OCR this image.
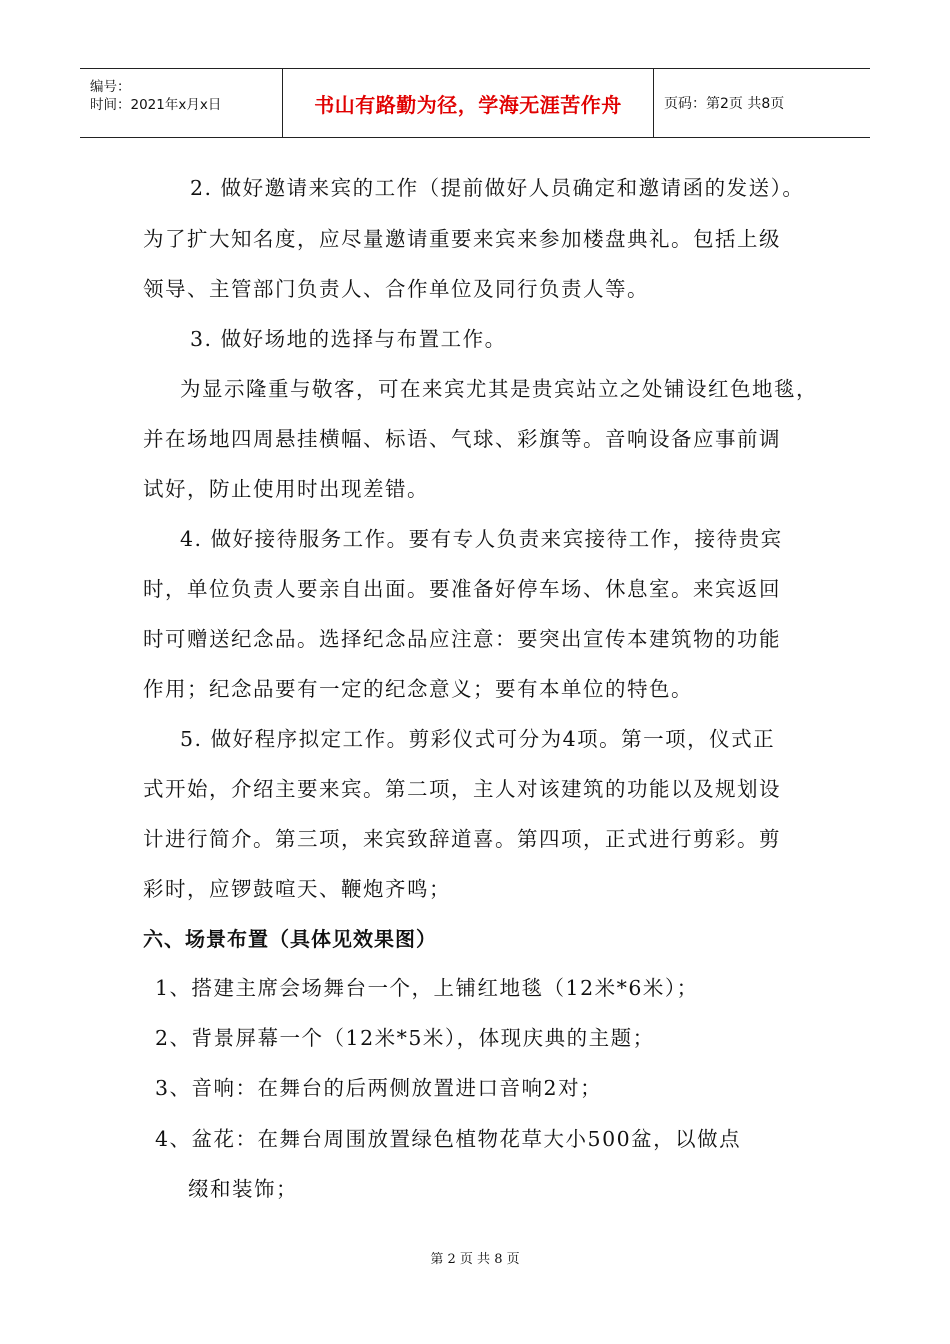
编号：
时间：2021年x月x日	书山有路勤为径，学海无涯苦作舟	页码：第2页 共8页
2. 做好邀请来宾的工作（提前做好人员确定和邀请函的发送）。
为了扩大知名度，应尽量邀请重要来宾来参加楼盘典礼。包括上级
领导、主管部门负责人、合作单位及同行负责人等。
3. 做好场地的选择与布置工作。
为显示隆重与敬客，可在来宾尤其是贵宾站立之处铺设红色地毯，
并在场地四周悬挂横幅、标语、气球、彩旗等。音响设备应事前调
试好，防止使用时出现差错。
4. 做好接待服务工作。要有专人负责来宾接待工作，接待贵宾
时，单位负责人要亲自出面。要准备好停车场、休息室。来宾返回
时可赠送纪念品。选择纪念品应注意：要突出宣传本建筑物的功能
作用；纪念品要有一定的纪念意义；要有本单位的特色。
5. 做好程序拟定工作。剪彩仪式可分为4项。第一项，仪式正
式开始，介绍主要来宾。第二项，主人对该建筑的功能以及规划设
计进行简介。第三项，来宾致辞道喜。第四项，正式进行剪彩。剪
彩时，应锣鼓喧天、鞭炮齐鸣；
六、场景布置（具体见效果图）
1、搭建主席会场舞台一个，上铺红地毯（12米*6米）；
2、背景屏幕一个（12米*5米），体现庆典的主题；
3、音响：在舞台的后两侧放置进口音响2对；
4、盆花：在舞台周围放置绿色植物花草大小500盆，以做点
缀和装饰；
第 2 页 共 8 页
